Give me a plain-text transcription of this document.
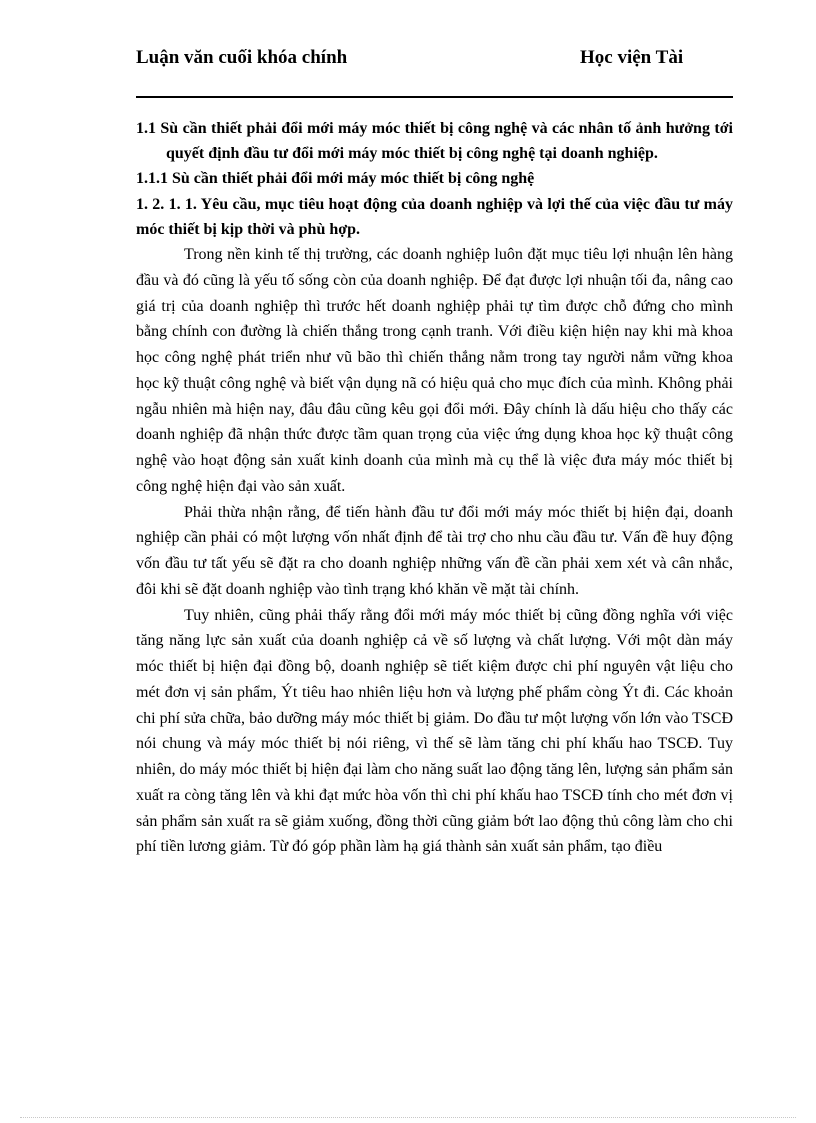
Luận văn cuối khóa chính	Học viện Tài

1.1 Sù cần thiết phải đổi mới máy móc thiết bị công nghệ và các nhân tố ảnh hưởng tới quyết định đầu tư đổi mới máy móc thiết bị công nghệ tại doanh nghiệp.

1.1.1 Sù cần thiết phải đổi mới máy móc thiết bị công nghệ

1. 2. 1. 1. Yêu cầu, mục tiêu hoạt động của doanh nghiệp và lợi thế của việc đầu tư máy móc thiết bị kịp thời và phù hợp.

Trong nền kinh tế thị trường, các doanh nghiệp luôn đặt mục tiêu lợi nhuận lên hàng đầu và đó cũng là yếu tố sống còn của doanh nghiệp. Để đạt được lợi nhuận tối đa, nâng cao giá trị của doanh nghiệp thì trước hết doanh nghiệp phải tự tìm được chỗ đứng cho mình bằng chính con đường là chiến thắng trong cạnh tranh. Với điều kiện hiện nay khi mà khoa học công nghệ phát triển như vũ bão thì chiến thắng nằm trong tay người nắm vững khoa học kỹ thuật công nghệ và biết vận dụng nã có hiệu quả cho mục đích của mình. Không phải ngẫu nhiên mà hiện nay, đâu đâu cũng kêu gọi đổi mới. Đây chính là dấu hiệu cho thấy các doanh nghiệp đã nhận thức được tầm quan trọng của việc ứng dụng khoa học kỹ thuật công nghệ vào hoạt động sản xuất kinh doanh của mình mà cụ thể là việc đưa máy móc thiết bị công nghệ hiện đại vào sản xuất.

Phải thừa nhận rằng, để tiến hành đầu tư đổi mới máy móc thiết bị hiện đại, doanh nghiệp cần phải có một lượng vốn nhất định để tài trợ cho nhu cầu đầu tư. Vấn đề huy động vốn đầu tư tất yếu sẽ đặt ra cho doanh nghiệp những vấn đề cần phải xem xét và cân nhắc, đôi khi sẽ đặt doanh nghiệp vào tình trạng khó khăn về mặt tài chính.

Tuy nhiên, cũng phải thấy rằng đổi mới máy móc thiết bị cũng đồng nghĩa với việc tăng năng lực sản xuất của doanh nghiệp cả về số lượng và chất lượng. Với một dàn máy móc thiết bị hiện đại đồng bộ, doanh nghiệp sẽ tiết kiệm được chi phí nguyên vật liệu cho mét đơn vị sản phẩm, Ýt tiêu hao nhiên liệu hơn và lượng phế phẩm còng Ýt đi. Các khoản chi phí sửa chữa, bảo dưỡng máy móc thiết bị giảm. Do đầu tư một lượng vốn lớn vào TSCĐ nói chung và máy móc thiết bị nói riêng, vì thế sẽ làm tăng chi phí khấu hao TSCĐ. Tuy nhiên, do máy móc thiết bị hiện đại làm cho năng suất lao động tăng lên, lượng sản phẩm sản xuất ra còng tăng lên và khi đạt mức hòa vốn thì chi phí khấu hao TSCĐ tính cho mét đơn vị sản phẩm sản xuất ra sẽ giảm xuống, đồng thời cũng giảm bớt lao động thủ công làm cho chi phí tiền lương giảm. Từ đó góp phần làm hạ giá thành sản xuất sản phẩm, tạo điều
